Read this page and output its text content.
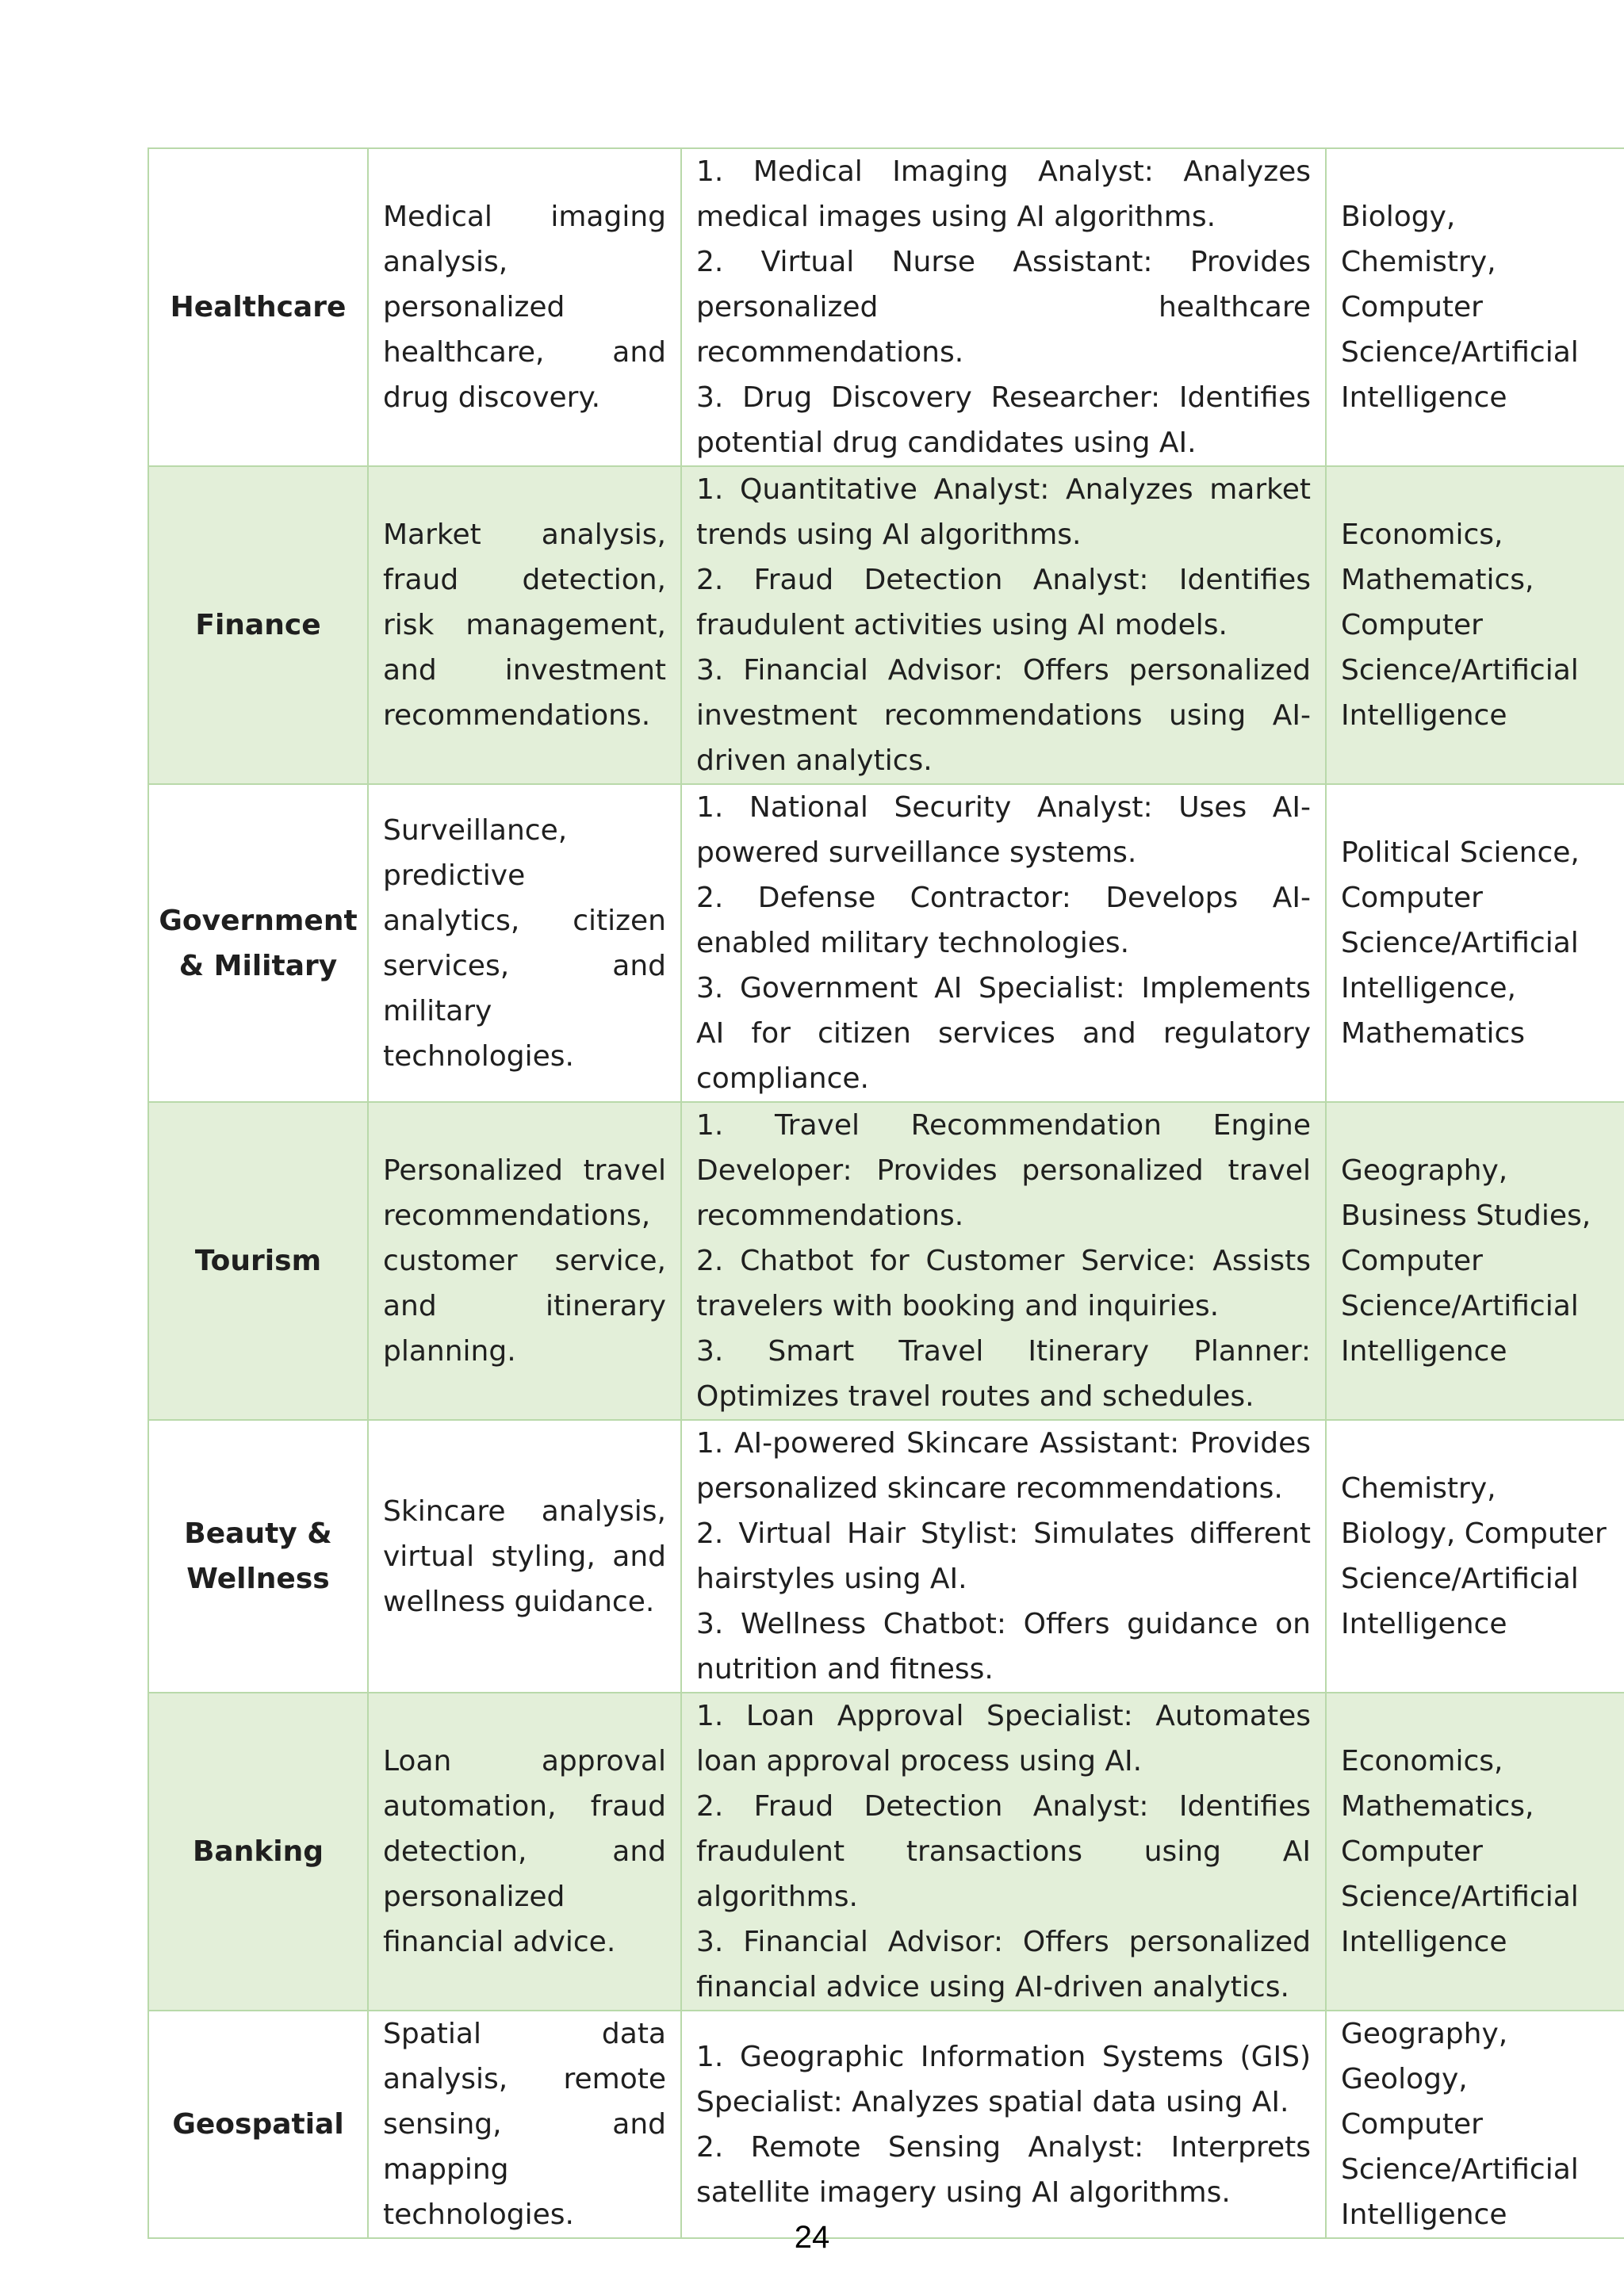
Healthcare	Medical imaging analysis, personalized healthcare, and drug discovery.	1. Medical Imaging Analyst: Analyzes medical images using AI algorithms.
2. Virtual Nurse Assistant: Provides personalized healthcare recommendations.
3. Drug Discovery Researcher: Identifies potential drug candidates using AI.	Biology, Chemistry, Computer Science/Artificial Intelligence
Finance	Market analysis, fraud detection, risk management, and investment recommendations.	1. Quantitative Analyst: Analyzes market trends using AI algorithms.
2. Fraud Detection Analyst: Identifies fraudulent activities using AI models.
3. Financial Advisor: Offers personalized investment recommendations using AI-driven analytics.	Economics, Mathematics, Computer Science/Artificial Intelligence
Government & Military	Surveillance, predictive analytics, citizen services, and military technologies.	1. National Security Analyst: Uses AI-powered surveillance systems.
2. Defense Contractor: Develops AI-enabled military technologies.
3. Government AI Specialist: Implements AI for citizen services and regulatory compliance.	Political Science, Computer Science/Artificial Intelligence, Mathematics
Tourism	Personalized travel recommendations, customer service, and itinerary planning.	1. Travel Recommendation Engine Developer: Provides personalized travel recommendations.
2. Chatbot for Customer Service: Assists travelers with booking and inquiries.
3. Smart Travel Itinerary Planner: Optimizes travel routes and schedules.	Geography, Business Studies, Computer Science/Artificial Intelligence
Beauty & Wellness	Skincare analysis, virtual styling, and wellness guidance.	1. AI-powered Skincare Assistant: Provides personalized skincare recommendations.
2. Virtual Hair Stylist: Simulates different hairstyles using AI.
3. Wellness Chatbot: Offers guidance on nutrition and fitness.	Chemistry, Biology, Computer Science/Artificial Intelligence
Banking	Loan approval automation, fraud detection, and personalized financial advice.	1. Loan Approval Specialist: Automates loan approval process using AI.
2. Fraud Detection Analyst: Identifies fraudulent transactions using AI algorithms.
3. Financial Advisor: Offers personalized financial advice using AI-driven analytics.	Economics, Mathematics, Computer Science/Artificial Intelligence
Geospatial	Spatial data analysis, remote sensing, and mapping technologies.	1. Geographic Information Systems (GIS) Specialist: Analyzes spatial data using AI.
2. Remote Sensing Analyst: Interprets satellite imagery using AI algorithms.	Geography, Geology, Computer Science/Artificial Intelligence
24
